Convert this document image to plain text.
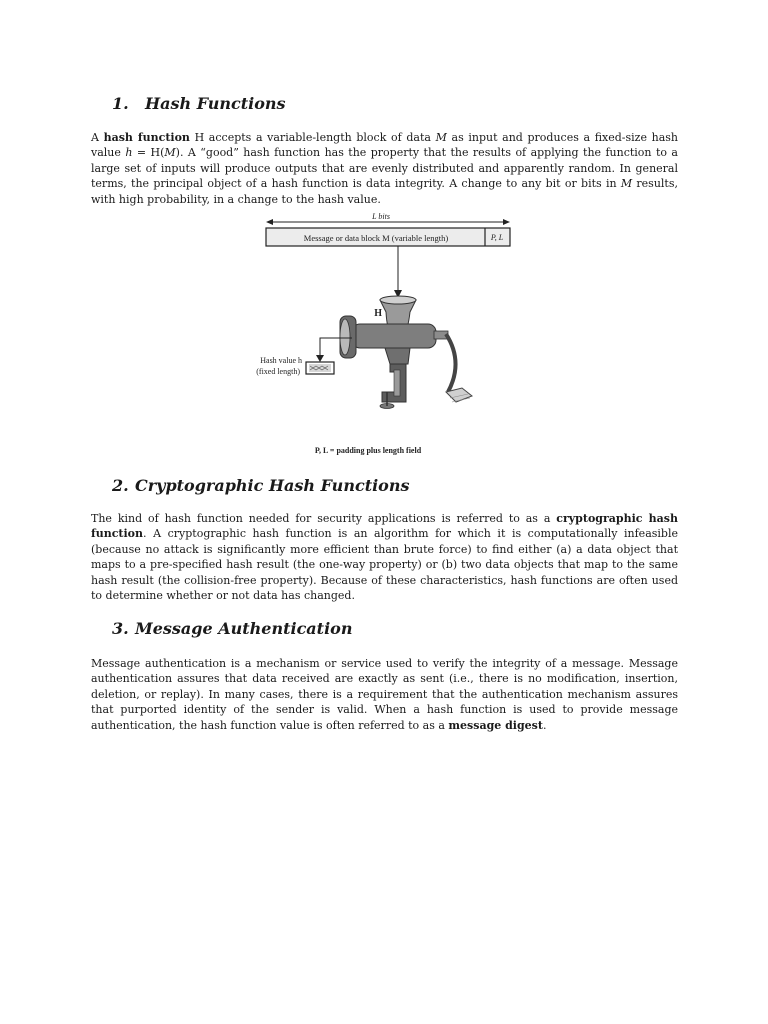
1. Hash Functions

A hash function H accepts a variable-length block of data M as input and produces a fixed-size hash value h = H(M). A “good” hash function has the property that the results of applying the function to a large set of inputs will produce outputs that are evenly distributed and apparently random. In general terms, the principal object of a hash function is data integrity. A change to any bit or bits in M results, with high probability, in a change to the hash value.

L bits
Message or data block M (variable length)	P, L
H
Hash value h
(fixed length)
P, L = padding plus length field
2. Cryptographic Hash Functions

The kind of hash function needed for security applications is referred to as a cryptographic hash function. A cryptographic hash function is an algorithm for which it is computationally infeasible (because no attack is significantly more efficient than brute force) to find either (a) a data object that maps to a pre-specified hash result (the one-way property) or (b) two data objects that map to the same hash result (the collision-free property). Because of these characteristics, hash functions are often used to determine whether or not data has changed.

3. Message Authentication

Message authentication is a mechanism or service used to verify the integrity of a message. Message authentication assures that data received are exactly as sent (i.e., there is no modification, insertion, deletion, or replay). In many cases, there is a requirement that the authentication mechanism assures that purported identity of the sender is valid. When a hash function is used to provide message authentication, the hash function value is often referred to as a message digest.
